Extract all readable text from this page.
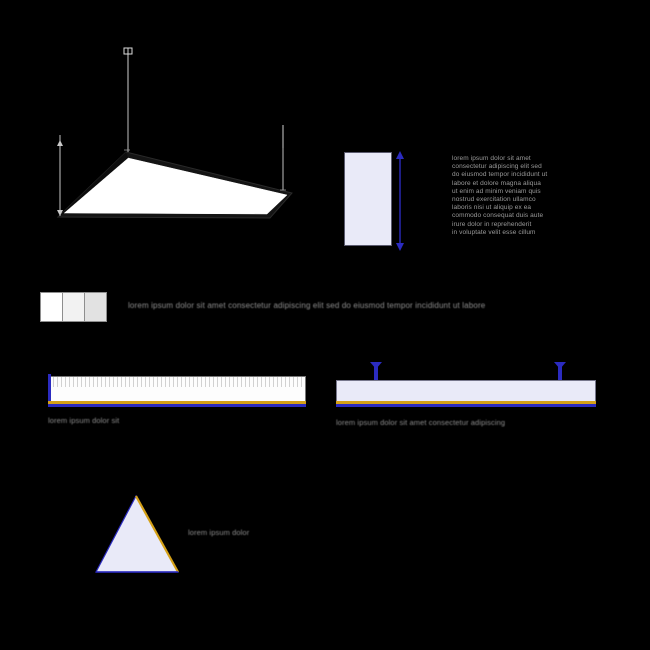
lorem ipsum dolor sit amet
consectetur adipiscing elit sed
do eiusmod tempor incididunt ut
labore et dolore magna aliqua
ut enim ad minim veniam quis
nostrud exercitation ullamco
laboris nisi ut aliquip ex ea
commodo consequat duis aute
irure dolor in reprehenderit
in voluptate velit esse cillum
lorem ipsum dolor sit amet consectetur adipiscing elit sed do eiusmod tempor incididunt ut labore
lorem ipsum dolor sit	lorem ipsum dolor sit amet consectetur adipiscing
lorem ipsum dolor
